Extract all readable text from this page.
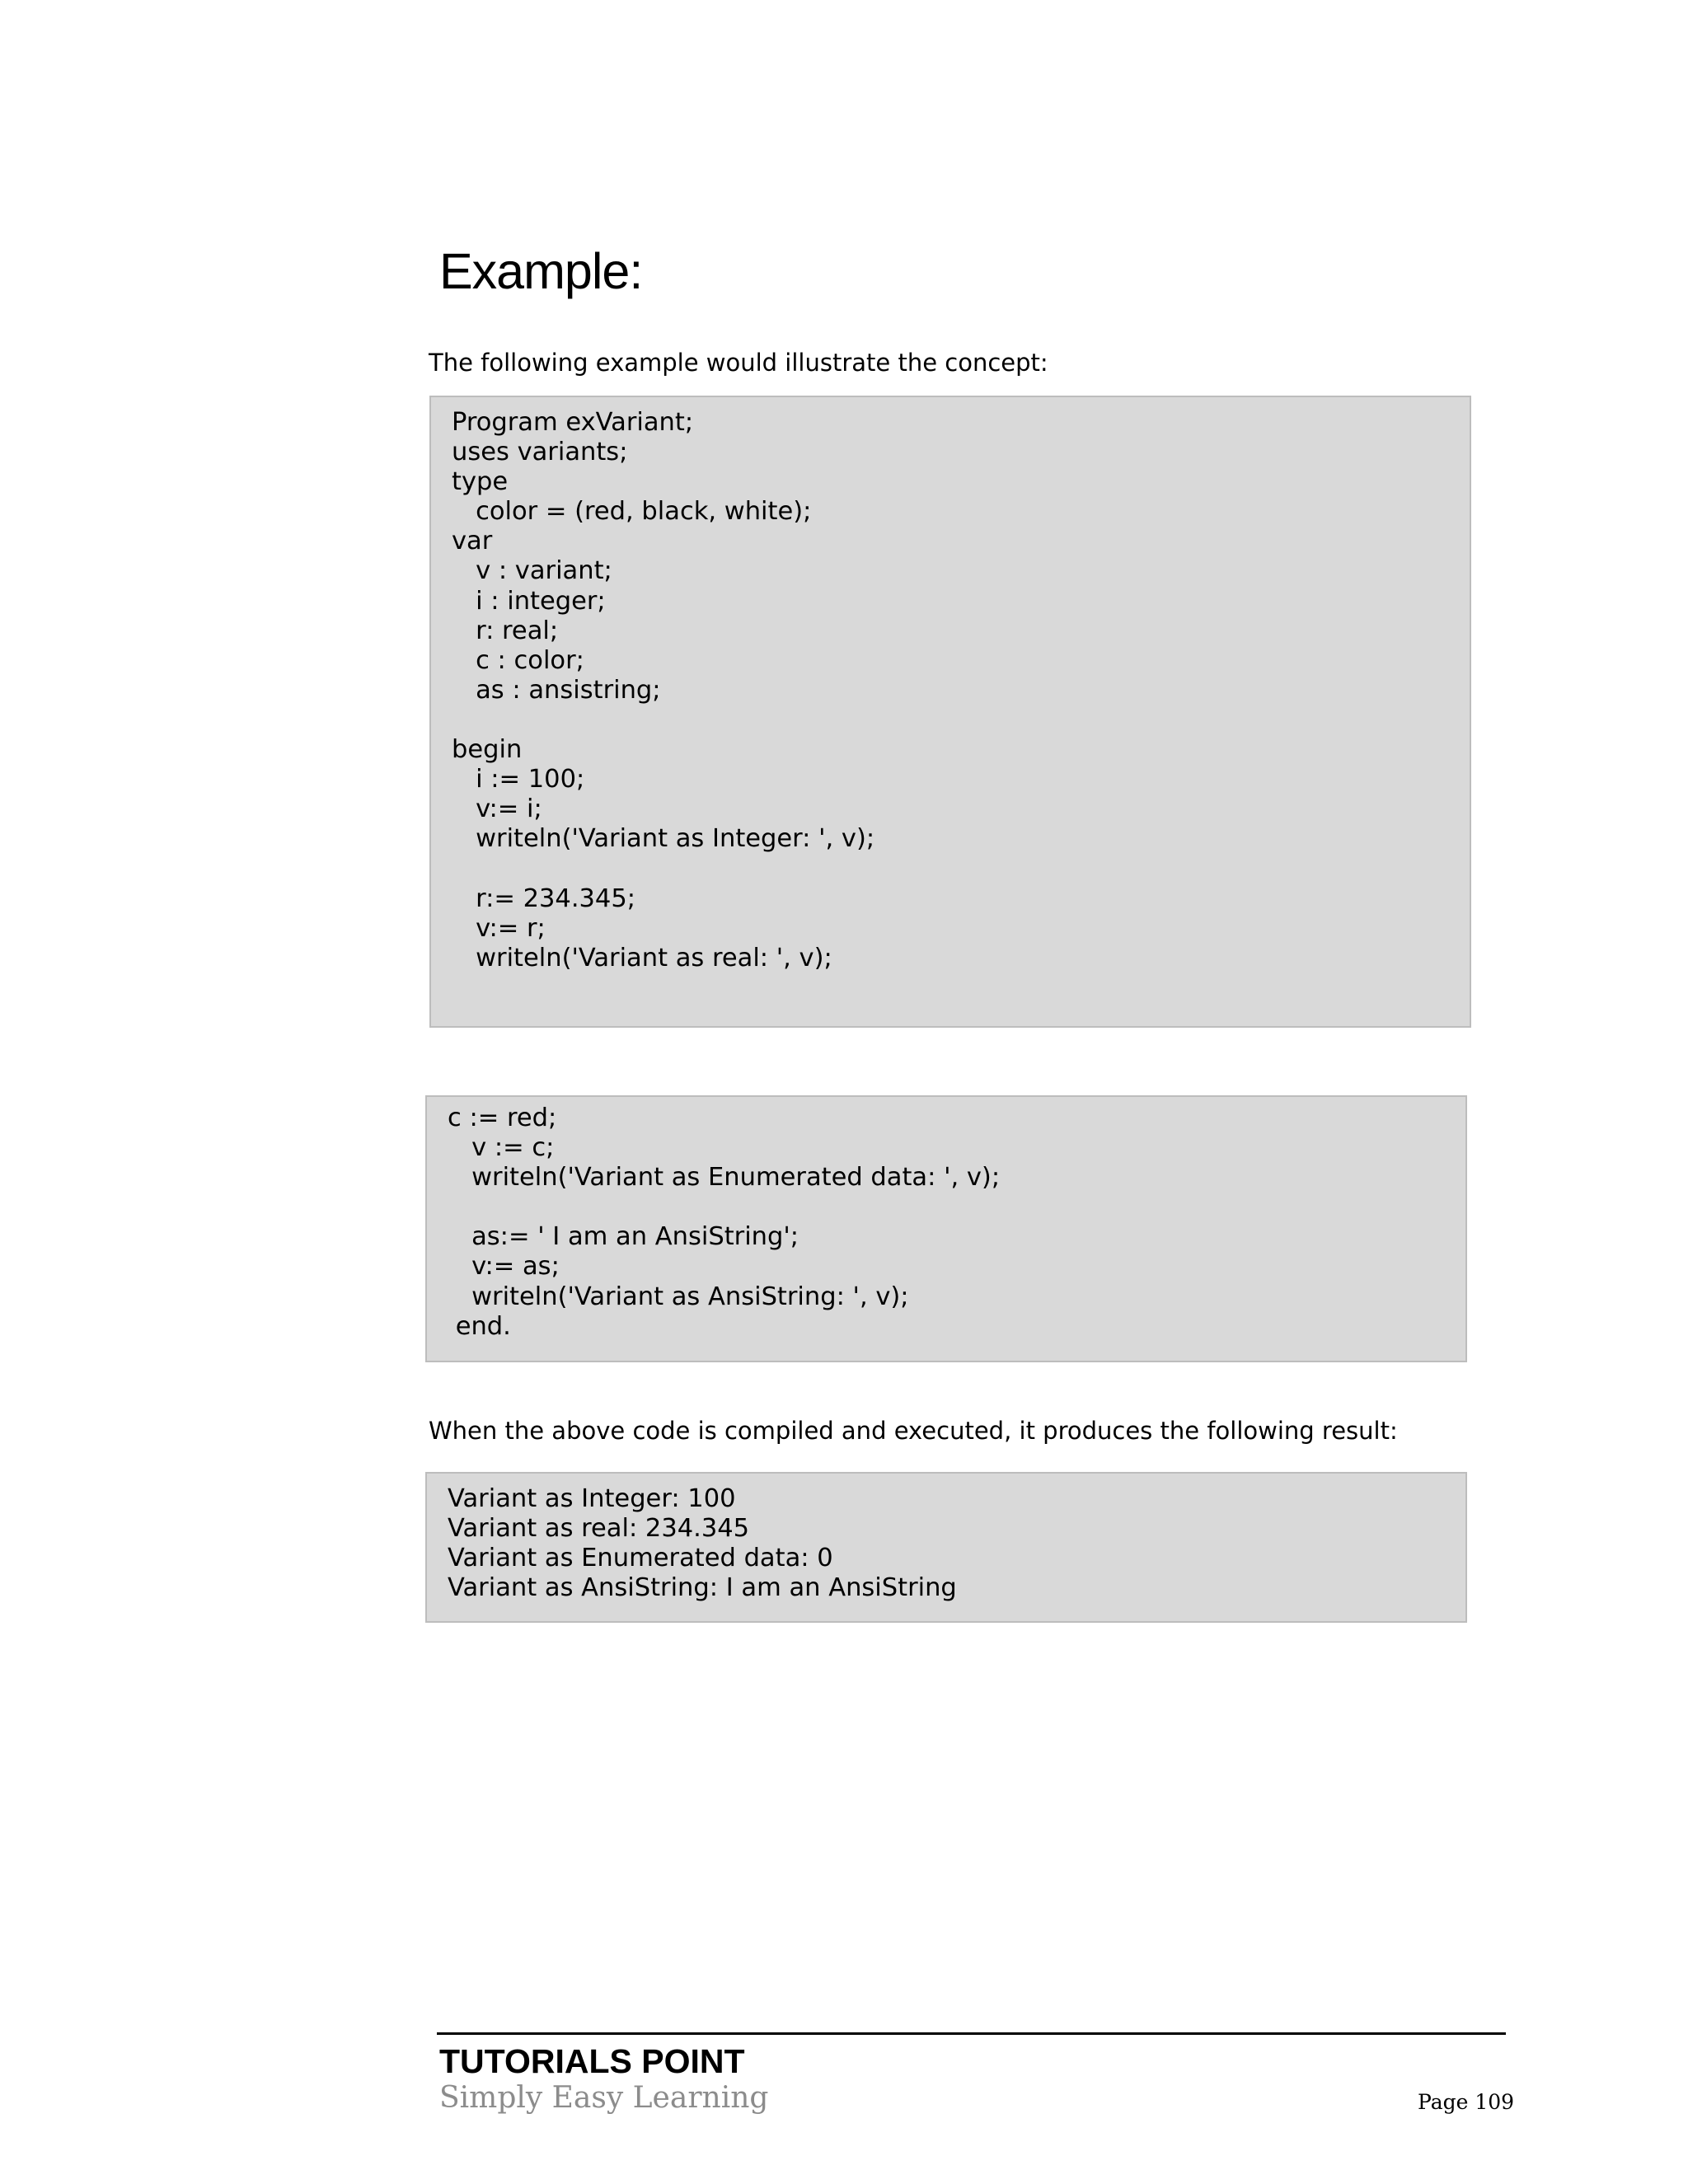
Example:

The following example would illustrate the concept:

Program exVariant;
uses variants;
type
color = (red, black, white);
var
v : variant;
i : integer;
r: real;
c : color;
as : ansistring;

begin
i := 100;
v:= i;
writeln('Variant as Integer: ', v);

r:= 234.345;
v:= r;
writeln('Variant as real: ', v);
c := red;
v := c;
writeln('Variant as Enumerated data: ', v);

as:= ' I am an AnsiString';
v:= as;
writeln('Variant as AnsiString: ', v);
end.

When the above code is compiled and executed, it produces the following result:

Variant as Integer: 100
Variant as real: 234.345
Variant as Enumerated data: 0
Variant as AnsiString: I am an AnsiString
TUTORIALS POINT
Simply Easy Learning	Page 109
